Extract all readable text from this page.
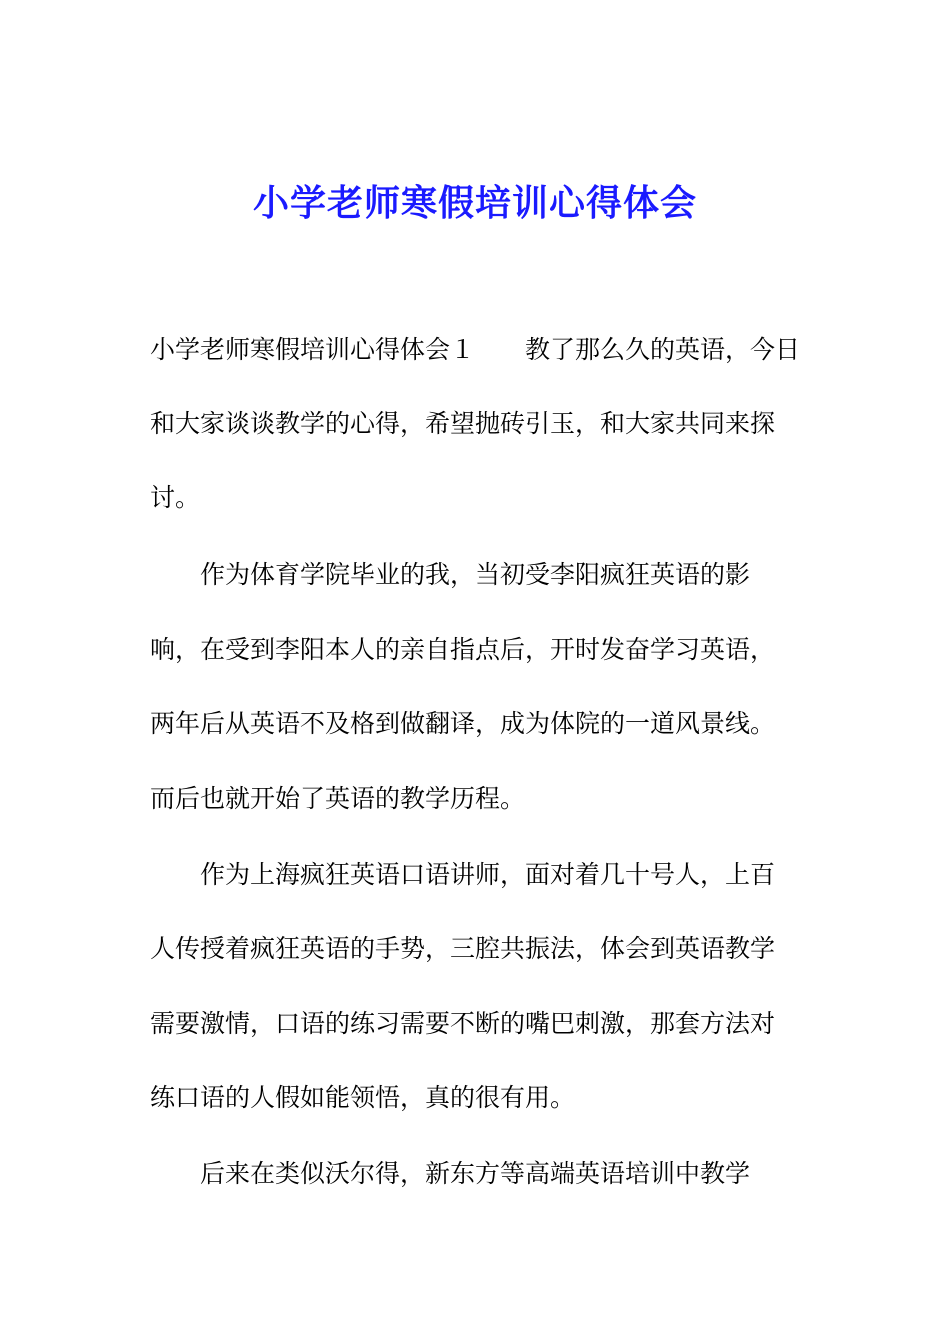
小学老师寒假培训心得体会
小学老师寒假培训心得体会１　　教了那么久的英语，今日
和大家谈谈教学的心得，希望抛砖引玉，和大家共同来探
讨。
　　作为体育学院毕业的我，当初受李阳疯狂英语的影
响，在受到李阳本人的亲自指点后，开时发奋学习英语，
两年后从英语不及格到做翻译，成为体院的一道风景线。
而后也就开始了英语的教学历程。
　　作为上海疯狂英语口语讲师，面对着几十号人，上百
人传授着疯狂英语的手势，三腔共振法，体会到英语教学
需要激情，口语的练习需要不断的嘴巴刺激，那套方法对
练口语的人假如能领悟，真的很有用。
　　后来在类似沃尔得，新东方等高端英语培训中教学
